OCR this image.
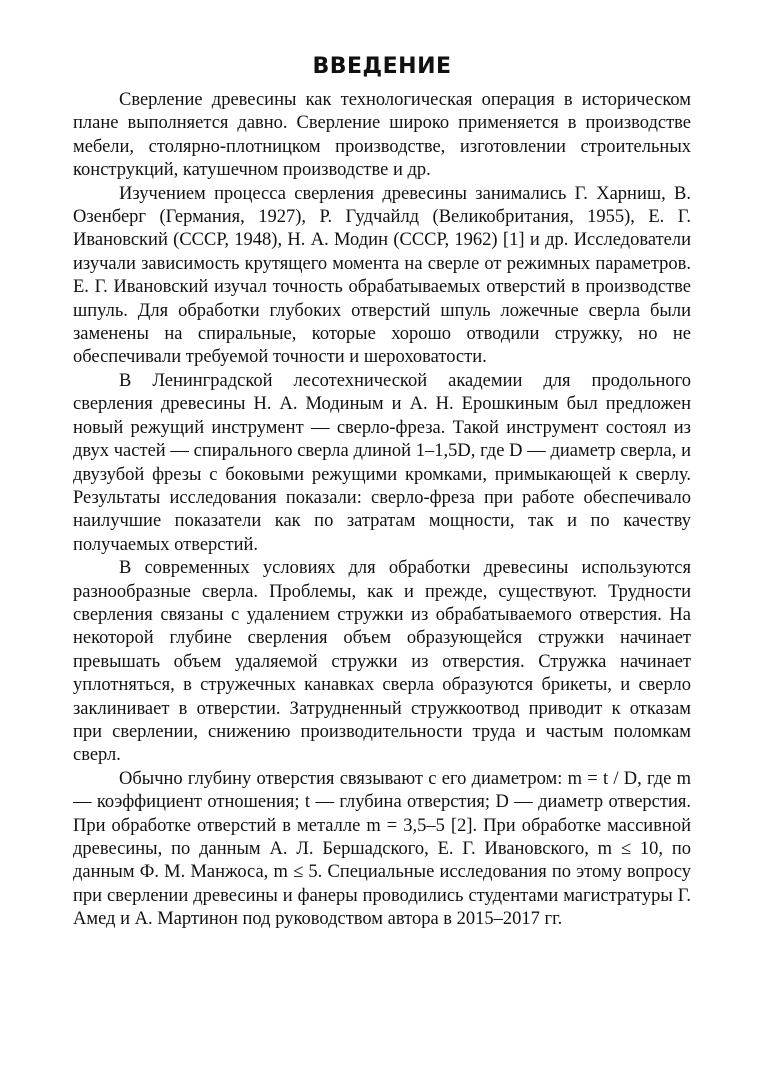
ВВЕДЕНИЕ

Сверление древесины как технологическая операция в историческом плане выполняется давно. Сверление широко применяется в производстве мебели, столярно-плотницком производстве, изготовлении строительных конструкций, катушечном производстве и др.

Изучением процесса сверления древесины занимались Г. Харниш, В. Озенберг (Германия, 1927), Р. Гудчайлд (Великобритания, 1955), Е. Г. Ивановский (СССР, 1948), Н. А. Модин (СССР, 1962) [1] и др. Исследователи изучали зависимость крутящего момента на сверле от режимных параметров. Е. Г. Ивановский изучал точность обрабатываемых отверстий в производстве шпуль. Для обработки глубоких отверстий шпуль ложечные сверла были заменены на спиральные, которые хорошо отводили стружку, но не обеспечивали требуемой точности и шероховатости.

В Ленинградской лесотехнической академии для продольного сверления древесины Н. А. Модиным и А. Н. Ерошкиным был предложен новый режущий инструмент — сверло-фреза. Такой инструмент состоял из двух частей — спирального сверла длиной 1–1,5D, где D — диаметр сверла, и двузубой фрезы с боковыми режущими кромками, примыкающей к сверлу. Результаты исследования показали: сверло-фреза при работе обеспечивало наилучшие показатели как по затратам мощности, так и по качеству получаемых отверстий.

В современных условиях для обработки древесины используются разнообразные сверла. Проблемы, как и прежде, существуют. Трудности сверления связаны с удалением стружки из обрабатываемого отверстия. На некоторой глубине сверления объем образующейся стружки начинает превышать объем удаляемой стружки из отверстия. Стружка начинает уплотняться, в стружечных канавках сверла образуются брикеты, и сверло заклинивает в отверстии. Затрудненный стружкоотвод приводит к отказам при сверлении, снижению производительности труда и частым поломкам сверл.

Обычно глубину отверстия связывают с его диаметром: m = t / D, где m — коэффициент отношения; t — глубина отверстия; D — диаметр отверстия. При обработке отверстий в металле m = 3,5–5 [2]. При обработке массивной древесины, по данным А. Л. Бершадского, Е. Г. Ивановского, m ≤ 10, по данным Ф. М. Манжоса, m ≤ 5. Специальные исследования по этому вопросу при сверлении древесины и фанеры проводились студентами магистратуры Г. Амед и А. Мартинон под руководством автора в 2015–2017 гг.
